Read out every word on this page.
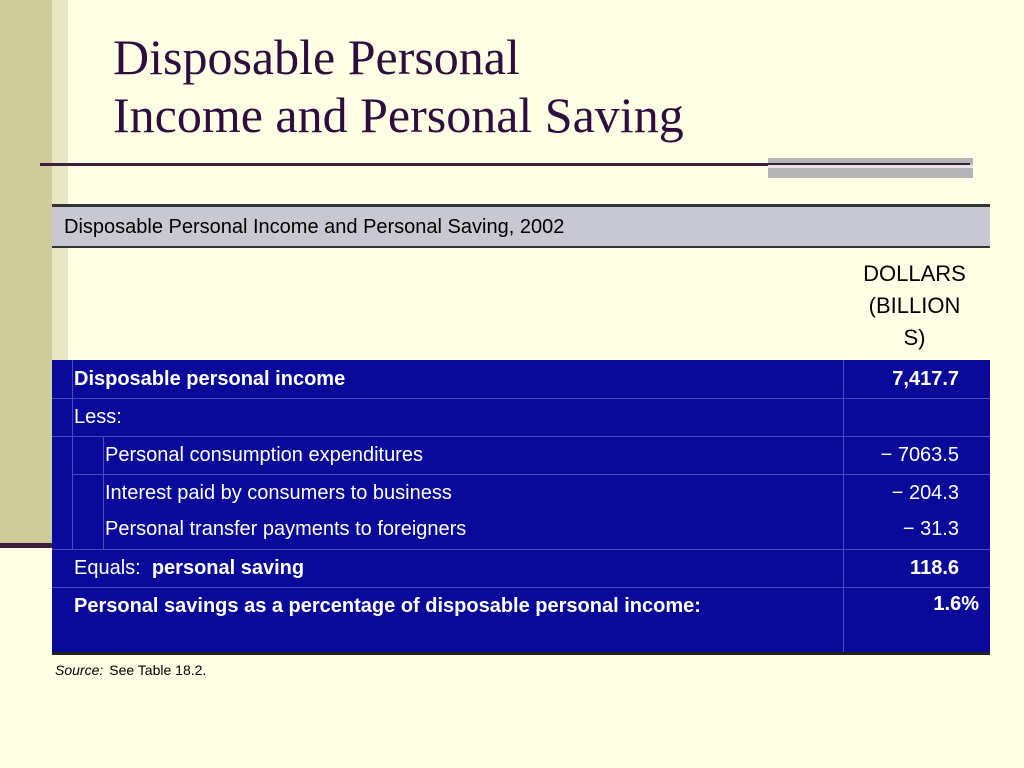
Disposable Personal
Income and Personal Saving
Disposable Personal Income and Personal Saving, 2002
DOLLARS
(BILLION
S)
Disposable personal income	7,417.7
Less:
Personal consumption expenditures	− 7063.5
Interest paid by consumers to business	− 204.3
Personal transfer payments to foreigners	− 31.3
Equals: personal saving	118.6
Personal savings as a percentage of disposable personal income:	1.6%
Source: See Table 18.2.
